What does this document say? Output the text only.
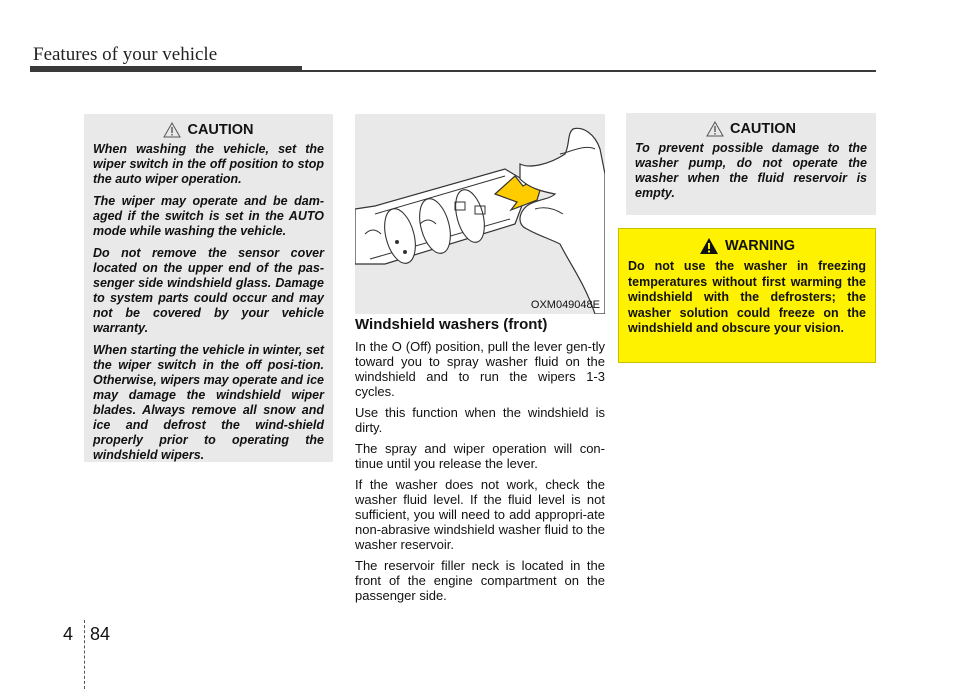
Features of your vehicle
CAUTION

When washing the vehicle, set the wiper switch in the off position to stop the auto wiper operation.

The wiper may operate and be dam-aged if the switch is set in the AUTO mode while washing the vehicle.

Do not remove the sensor cover located on the upper end of the pas-senger side windshield glass. Damage to system parts could occur and may not be covered by your vehicle warranty.

When starting the vehicle in winter, set the wiper switch in the off posi-tion. Otherwise, wipers may operate and ice may damage the windshield wiper blades. Always remove all snow and ice and defrost the wind-shield properly prior to operating the windshield wipers.

OXM049048E
Windshield washers (front)

In the O (Off) position, pull the lever gen-tly toward you to spray washer fluid on the windshield and to run the wipers 1-3 cycles.

Use this function when the windshield is dirty.

The spray and wiper operation will con-tinue until you release the lever.

If the washer does not work, check the washer fluid level. If the fluid level is not sufficient, you will need to add appropri-ate non-abrasive windshield washer fluid to the washer reservoir.

The reservoir filler neck is located in the front of the engine compartment on the passenger side.

CAUTION

To prevent possible damage to the washer pump, do not operate the washer when the fluid reservoir is empty.

WARNING

Do not use the washer in freezing temperatures without first warming the windshield with the defrosters; the washer solution could freeze on the windshield and obscure your vision.

4 84
